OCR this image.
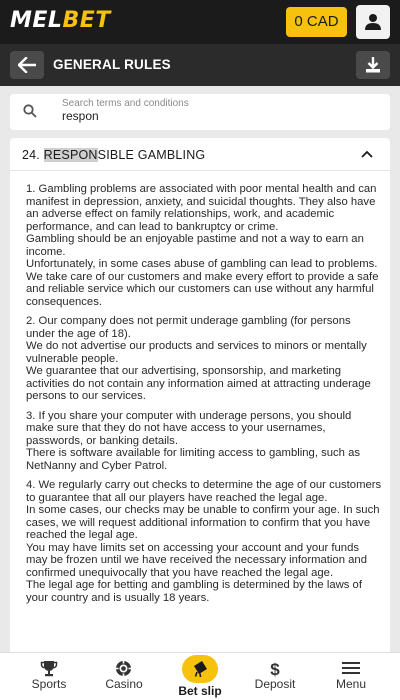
MELBET	0 CAD
GENERAL RULES
Search terms and conditions
respon
24. RESPONSIBLE GAMBLING

1. Gambling problems are associated with poor mental health and can manifest in depression, anxiety, and suicidal thoughts. They also have an adverse effect on family relationships, work, and academic performance, and can lead to bankruptcy or crime.
Gambling should be an enjoyable pastime and not a way to earn an income.
Unfortunately, in some cases abuse of gambling can lead to problems. We take care of our customers and make every effort to provide a safe and reliable service which our customers can use without any harmful consequences.

2. Our company does not permit underage gambling (for persons under the age of 18).
We do not advertise our products and services to minors or mentally vulnerable people.
We guarantee that our advertising, sponsorship, and marketing activities do not contain any information aimed at attracting underage persons to our services.

3. If you share your computer with underage persons, you should make sure that they do not have access to your usernames, passwords, or banking details.
There is software available for limiting access to gambling, such as NetNanny and Cyber Patrol.

4. We regularly carry out checks to determine the age of our customers to guarantee that all our players have reached the legal age.
In some cases, our checks may be unable to confirm your age. In such cases, we will request additional information to confirm that you have reached the legal age.
You may have limits set on accessing your account and your funds may be frozen until we have received the necessary information and confirmed unequivocally that you have reached the legal age.
The legal age for betting and gambling is determined by the laws of your country and is usually 18 years.

Sports	Casino	Bet slip
$
Deposit	Menu
